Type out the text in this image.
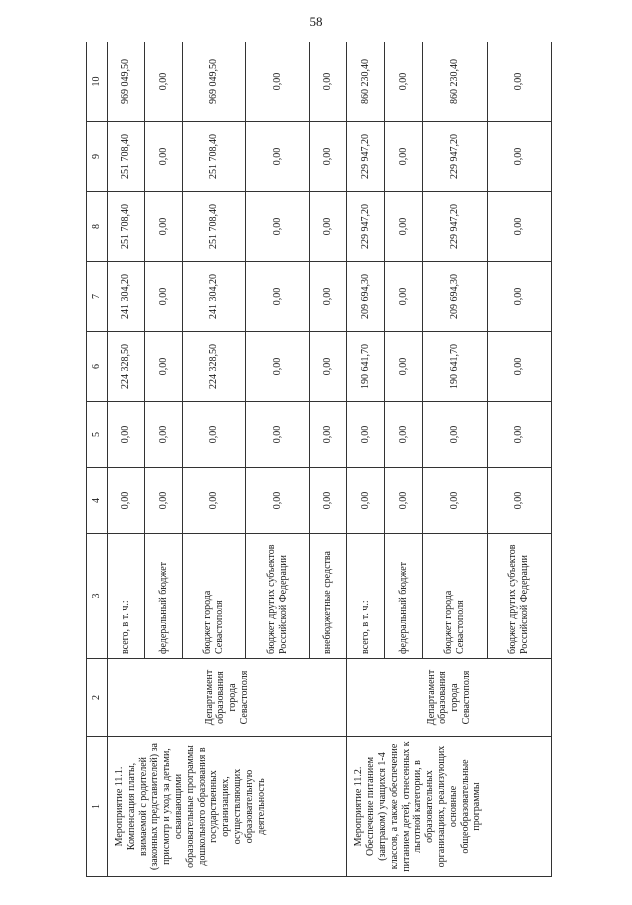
58
1	2	3	4	5	6	7	8	9	10
Мероприятие 11.1. Компенсация платы, взимаемой с родителей (законных представителей) за присмотр и уход за детьми, осваивающими образовательные программы дошкольного образования в государственных организациях, осуществляющих образовательную деятельность	Департамент образования города Севастополя	всего, в т. ч.:	0,00	0,00	224 328,50	241 304,20	251 708,40	251 708,40	969 049,50
		федеральный бюджет	0,00	0,00	0,00	0,00	0,00	0,00	0,00
		бюджет города Севастополя	0,00	0,00	224 328,50	241 304,20	251 708,40	251 708,40	969 049,50
		бюджет других субъектов Российской Федерации	0,00	0,00	0,00	0,00	0,00	0,00	0,00
		внебюджетные средства	0,00	0,00	0,00	0,00	0,00	0,00	0,00
Мероприятие 11.2. Обеспечение питанием (завтраком) учащихся 1-4 классов, а также обеспечение питанием детей, отнесенных к льготной категории, в образовательных организациях, реализующих основные общеобразовательные программы	Департамент образования города Севастополя	всего, в т. ч.:	0,00	0,00	190 641,70	209 694,30	229 947,20	229 947,20	860 230,40
		федеральный бюджет	0,00	0,00	0,00	0,00	0,00	0,00	0,00
		бюджет города Севастополя	0,00	0,00	190 641,70	209 694,30	229 947,20	229 947,20	860 230,40
		бюджет других субъектов Российской Федерации	0,00	0,00	0,00	0,00	0,00	0,00	0,00
